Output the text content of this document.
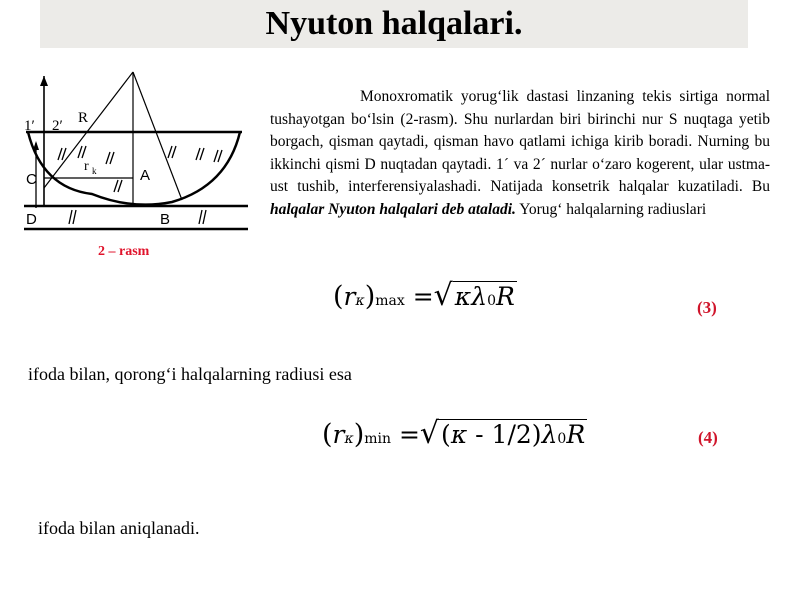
Nyuton halqalari.
1′ 2′ R
r k
C	A
D	B
2 – rasm

Monoxromatik yorug‘lik dastasi linzaning tekis sirtiga normal tushayotgan bo‘lsin (2-rasm). Shu nurlardan biri birinchi nur S nuqtaga yetib borgach, qisman qaytadi, qisman havo qatlami ichiga kirib boradi. Nurning bu ikkinchi qismi D nuqtadan qaytadi. 1´ va 2´ nurlar o‘zaro kogerent, ular ustma-ust tushib, interferensiyalashadi. Natijada konsetrik halqalar kuzatiladi. Bu halqalar Nyuton halqalari deb ataladi. Yorug‘ halqalarning radiuslari

(rκ)max =√κλ0R	(3)
ifoda bilan, qorong‘i halqalarning radiusi esa
(rκ)min =√(κ - 1/2)λ0R	(4)
ifoda bilan aniqlanadi.
